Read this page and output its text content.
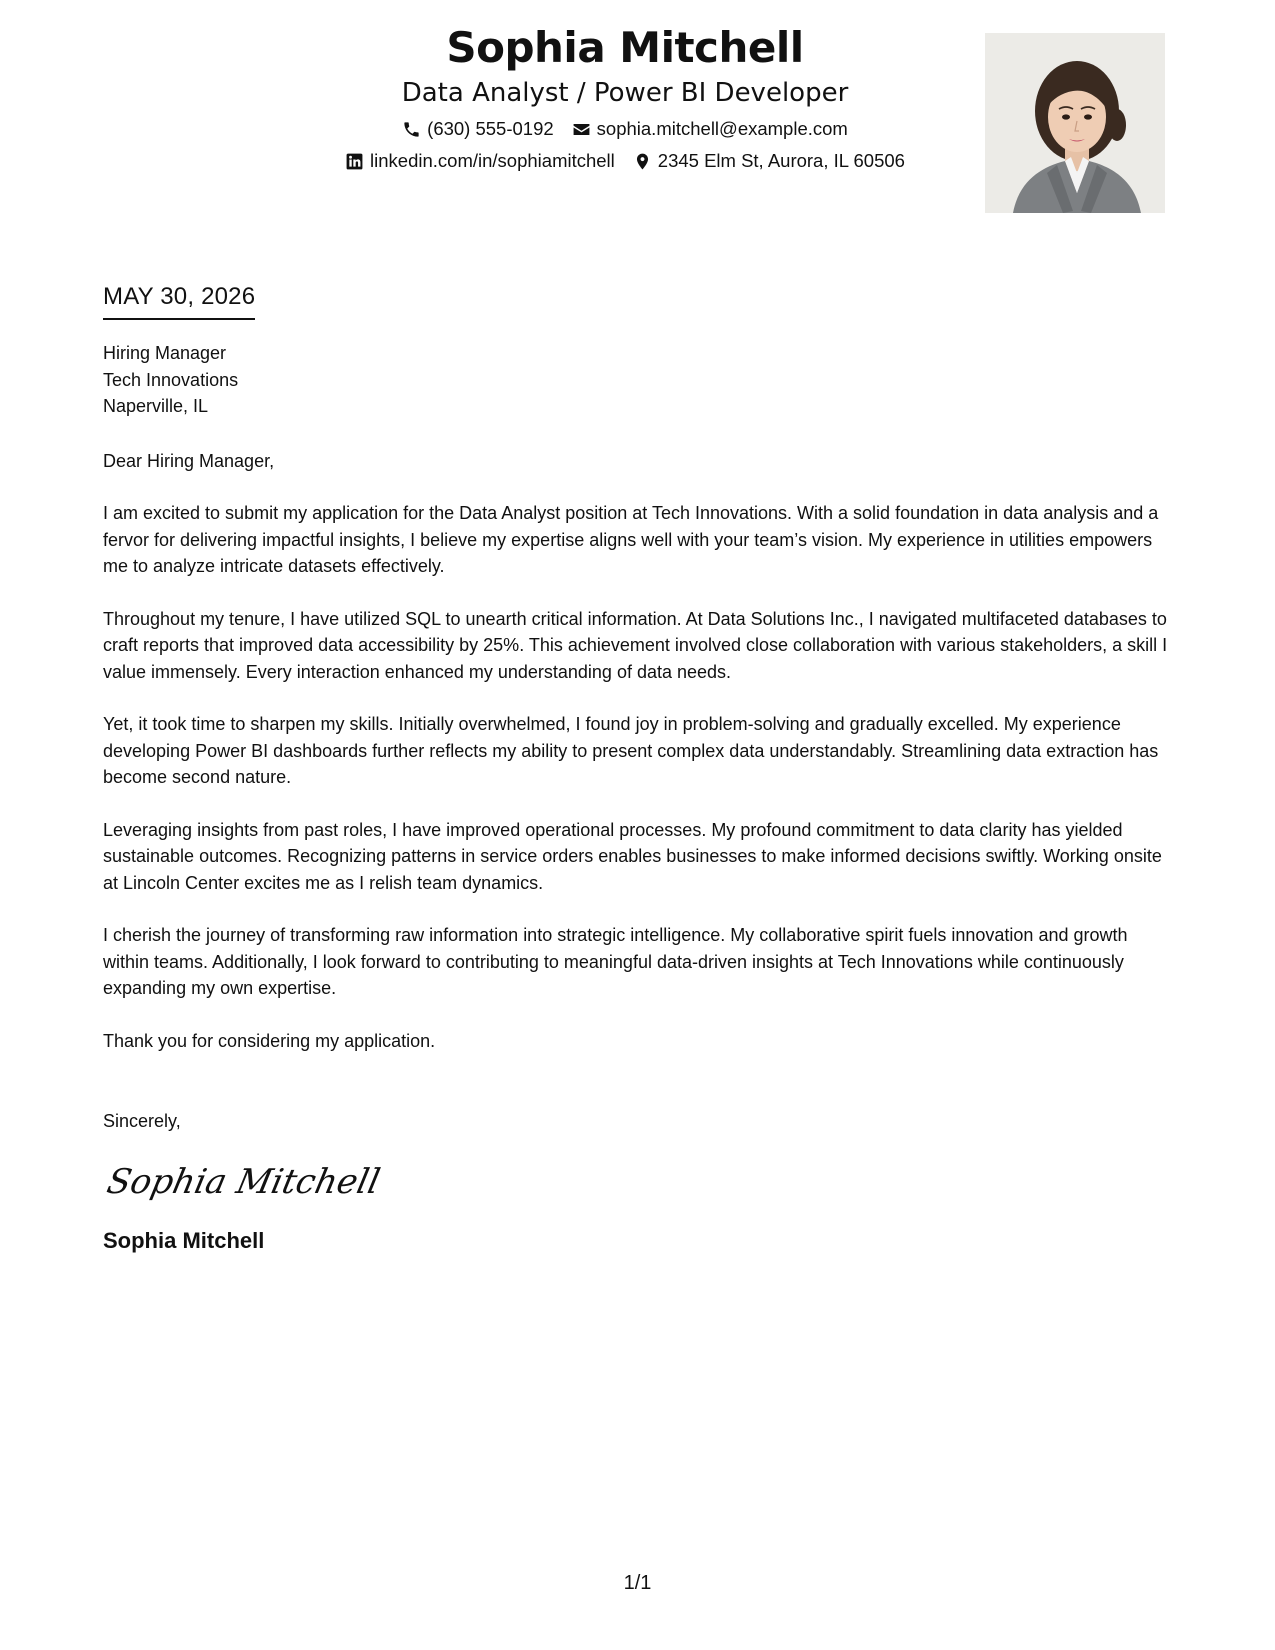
Sophia Mitchell
Data Analyst / Power BI Developer
(630) 555-0192 sophia.mitchell@example.com
linkedin.com/in/sophiamitchell 2345 Elm St, Aurora, IL 60506
MAY 30, 2026
Hiring Manager
Tech Innovations
Naperville, IL
Dear Hiring Manager,
I am excited to submit my application for the Data Analyst position at Tech Innovations. With a solid foundation in data analysis and a fervor for delivering impactful insights, I believe my expertise aligns well with your team’s vision. My experience in utilities empowers me to analyze intricate datasets effectively.
Throughout my tenure, I have utilized SQL to unearth critical information. At Data Solutions Inc., I navigated multifaceted databases to craft reports that improved data accessibility by 25%. This achievement involved close collaboration with various stakeholders, a skill I value immensely. Every interaction enhanced my understanding of data needs.
Yet, it took time to sharpen my skills. Initially overwhelmed, I found joy in problem-solving and gradually excelled. My experience developing Power BI dashboards further reflects my ability to present complex data understandably. Streamlining data extraction has become second nature.
Leveraging insights from past roles, I have improved operational processes. My profound commitment to data clarity has yielded sustainable outcomes. Recognizing patterns in service orders enables businesses to make informed decisions swiftly. Working onsite at Lincoln Center excites me as I relish team dynamics.
I cherish the journey of transforming raw information into strategic intelligence. My collaborative spirit fuels innovation and growth within teams. Additionally, I look forward to contributing to meaningful data-driven insights at Tech Innovations while continuously expanding my own expertise.
Thank you for considering my application.
Sincerely,
Sophia Mitchell
Sophia Mitchell
1/1
